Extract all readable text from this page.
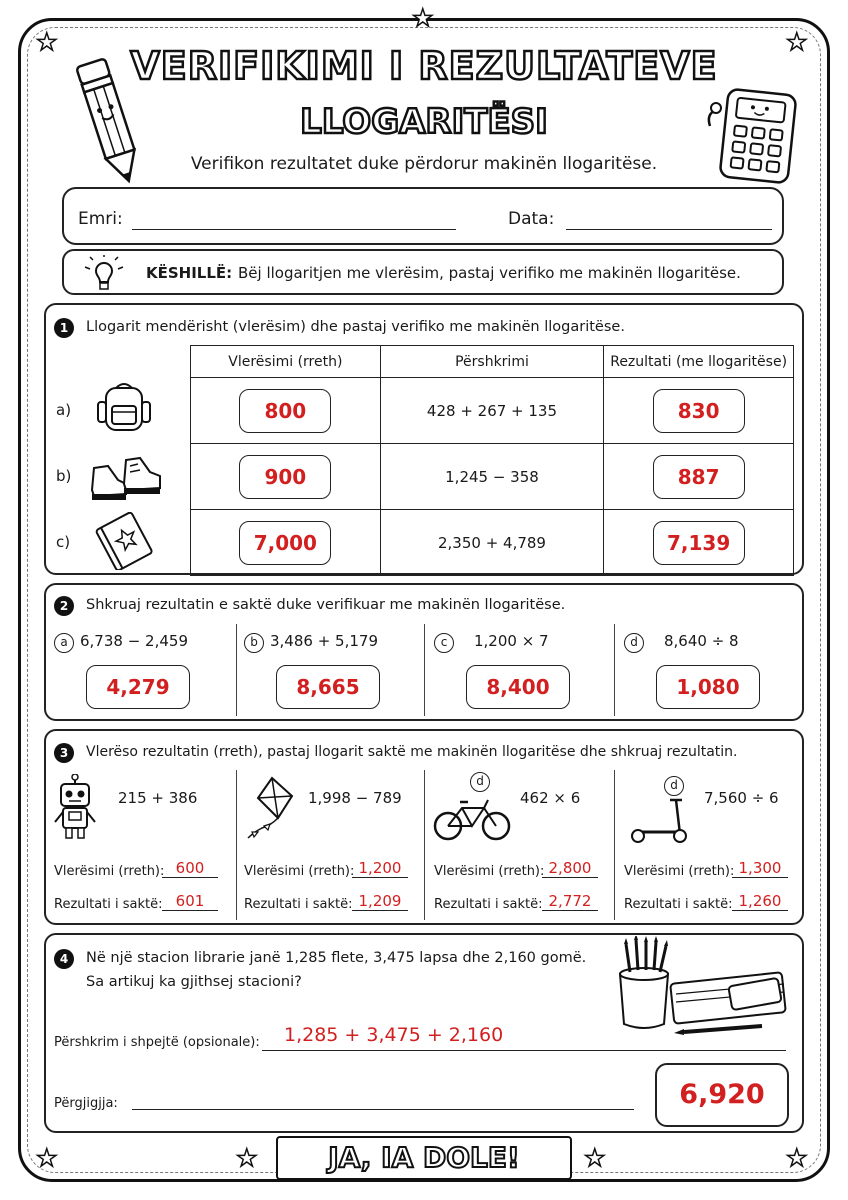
★
★
★
★	★	★	★
VERIFIKIMI I REZULTATEVE
LLOGARITËSI
Verifikon rezultatet duke përdorur makinën llogaritëse.
Emri:	Data:
KËSHILLË: Bëj llogaritjen me vlerësim, pastaj verifiko me makinën llogaritëse.
1	Llogarit mendërisht (vlerësim) dhe pastaj verifiko me makinën llogaritëse.
Vlerësimi (rreth)	Përshkrimi	Rezultati (me llogaritëse)
800	428 + 267 + 135	830
900	1,245 − 358	887
7,000	2,350 + 4,789	7,139
a)
b)
c)
2	Shkruaj rezultatin e saktë duke verifikuar me makinën llogaritëse.
a 6,738 − 2,459	b 3,486 + 5,179	c 1,200 × 7	d 8,640 ÷ 8
4,279	8,665	8,400	1,080
3	Vlerëso rezultatin (rreth), pastaj llogarit saktë me makinën llogaritëse dhe shkruaj rezultatin.
d	d
215 + 386	1,998 − 789	462 × 6	7,560 ÷ 6
Vlerësimi (rreth):	Vlerësimi (rreth):	Vlerësimi (rreth):	Vlerësimi (rreth):
600	1,200	2,800	1,300
Rezultati i saktë:	Rezultati i saktë:	Rezultati i saktë:	Rezultati i saktë:
601	1,209	2,772	1,260
4	Në një stacion librarie janë 1,285 flete, 3,475 lapsa dhe 2,160 gomë.
Sa artikuj ka gjithsej stacioni?
Përshkrim i shpejtë (opsionale): 1,285 + 3,475 + 2,160
Përgjigjja:	6,920
JA, IA DOLE!
